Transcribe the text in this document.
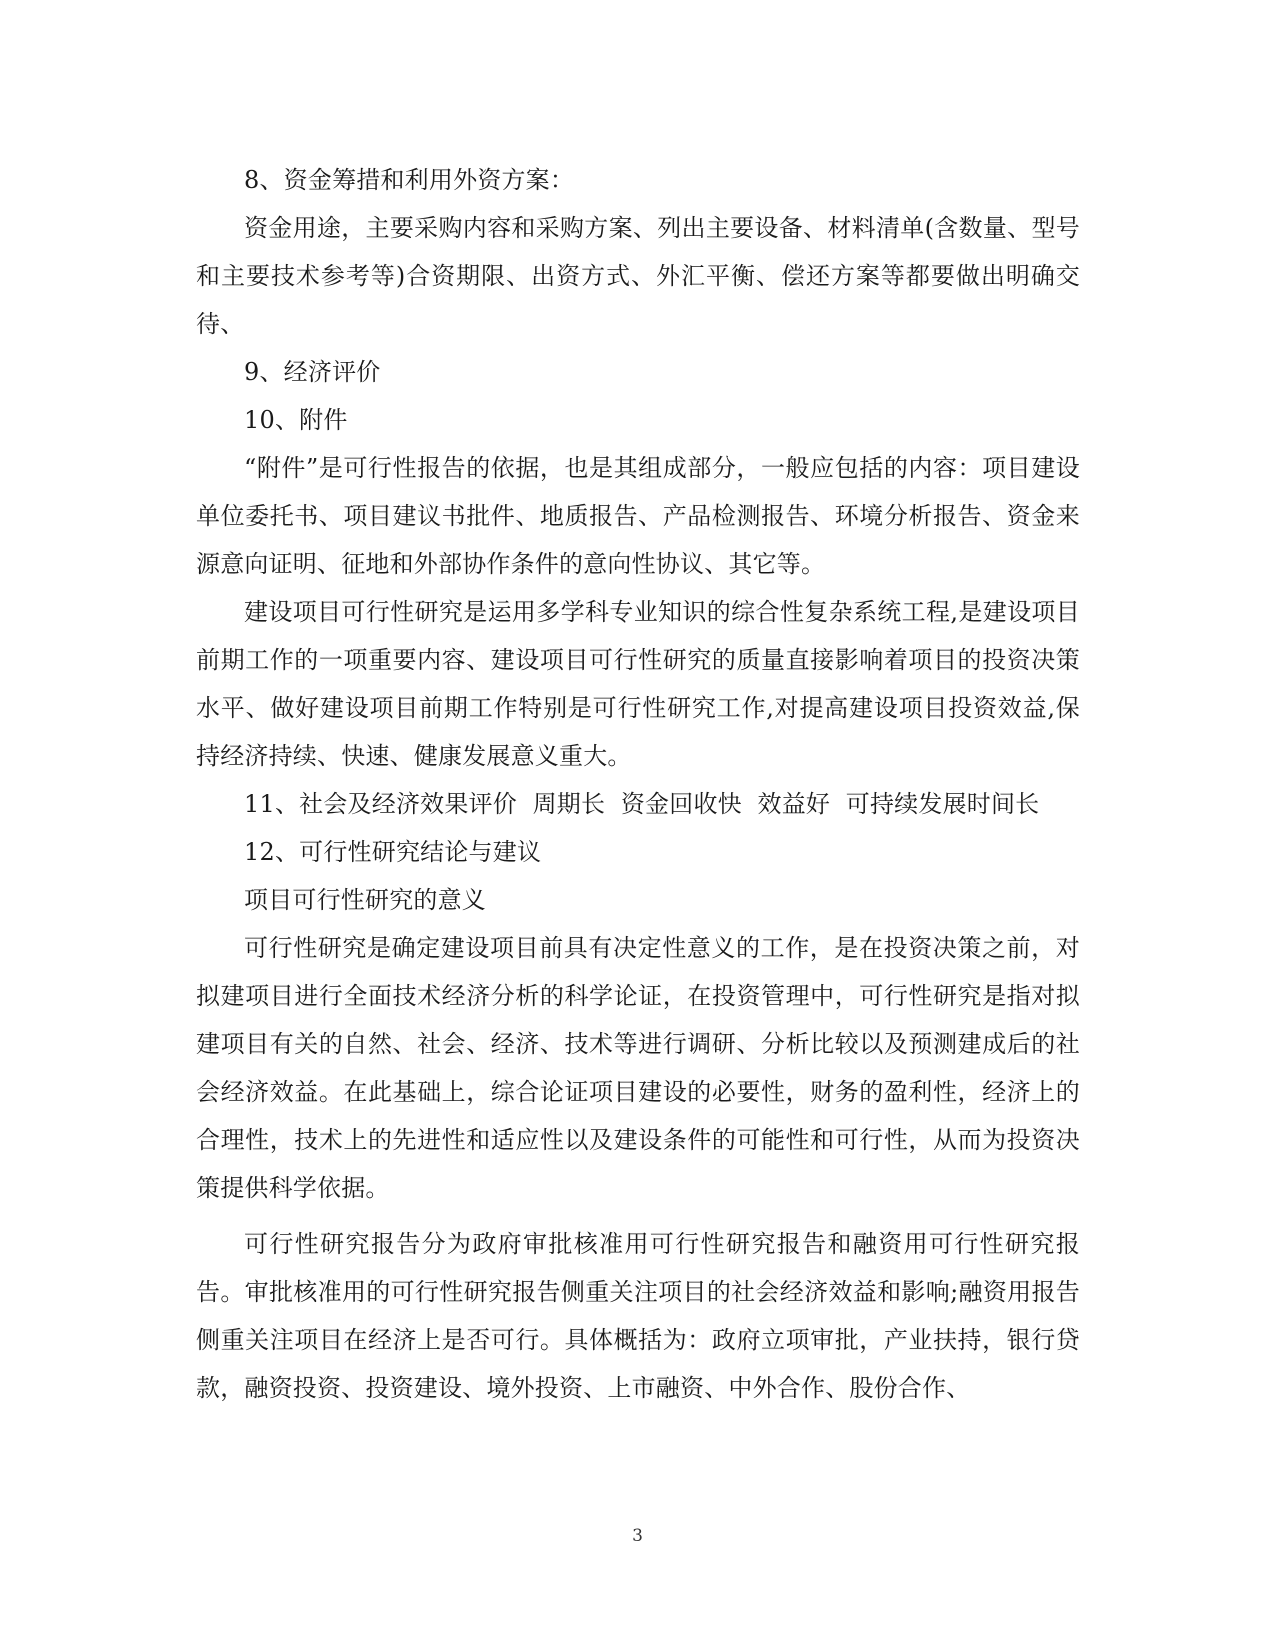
8、资金筹措和利用外资方案：

资金用途，主要采购内容和采购方案、列出主要设备、材料清单(含数量、型号和主要技术参考等)合资期限、出资方式、外汇平衡、偿还方案等都要做出明确交待、

9、经济评价

10、附件

“附件”是可行性报告的依据，也是其组成部分，一般应包括的内容：项目建设单位委托书、项目建议书批件、地质报告、产品检测报告、环境分析报告、资金来源意向证明、征地和外部协作条件的意向性协议、其它等。

建设项目可行性研究是运用多学科专业知识的综合性复杂系统工程,是建设项目前期工作的一项重要内容、建设项目可行性研究的质量直接影响着项目的投资决策水平、做好建设项目前期工作特别是可行性研究工作,对提高建设项目投资效益,保持经济持续、快速、健康发展意义重大。

11、社会及经济效果评价  周期长  资金回收快  效益好  可持续发展时间长

12、可行性研究结论与建议

项目可行性研究的意义

可行性研究是确定建设项目前具有决定性意义的工作，是在投资决策之前，对拟建项目进行全面技术经济分析的科学论证，在投资管理中，可行性研究是指对拟建项目有关的自然、社会、经济、技术等进行调研、分析比较以及预测建成后的社会经济效益。在此基础上，综合论证项目建设的必要性，财务的盈利性，经济上的合理性，技术上的先进性和适应性以及建设条件的可能性和可行性，从而为投资决策提供科学依据。

可行性研究报告分为政府审批核准用可行性研究报告和融资用可行性研究报告。审批核准用的可行性研究报告侧重关注项目的社会经济效益和影响;融资用报告侧重关注项目在经济上是否可行。具体概括为：政府立项审批，产业扶持，银行贷款，融资投资、投资建设、境外投资、上市融资、中外合作、股份合作、

3
